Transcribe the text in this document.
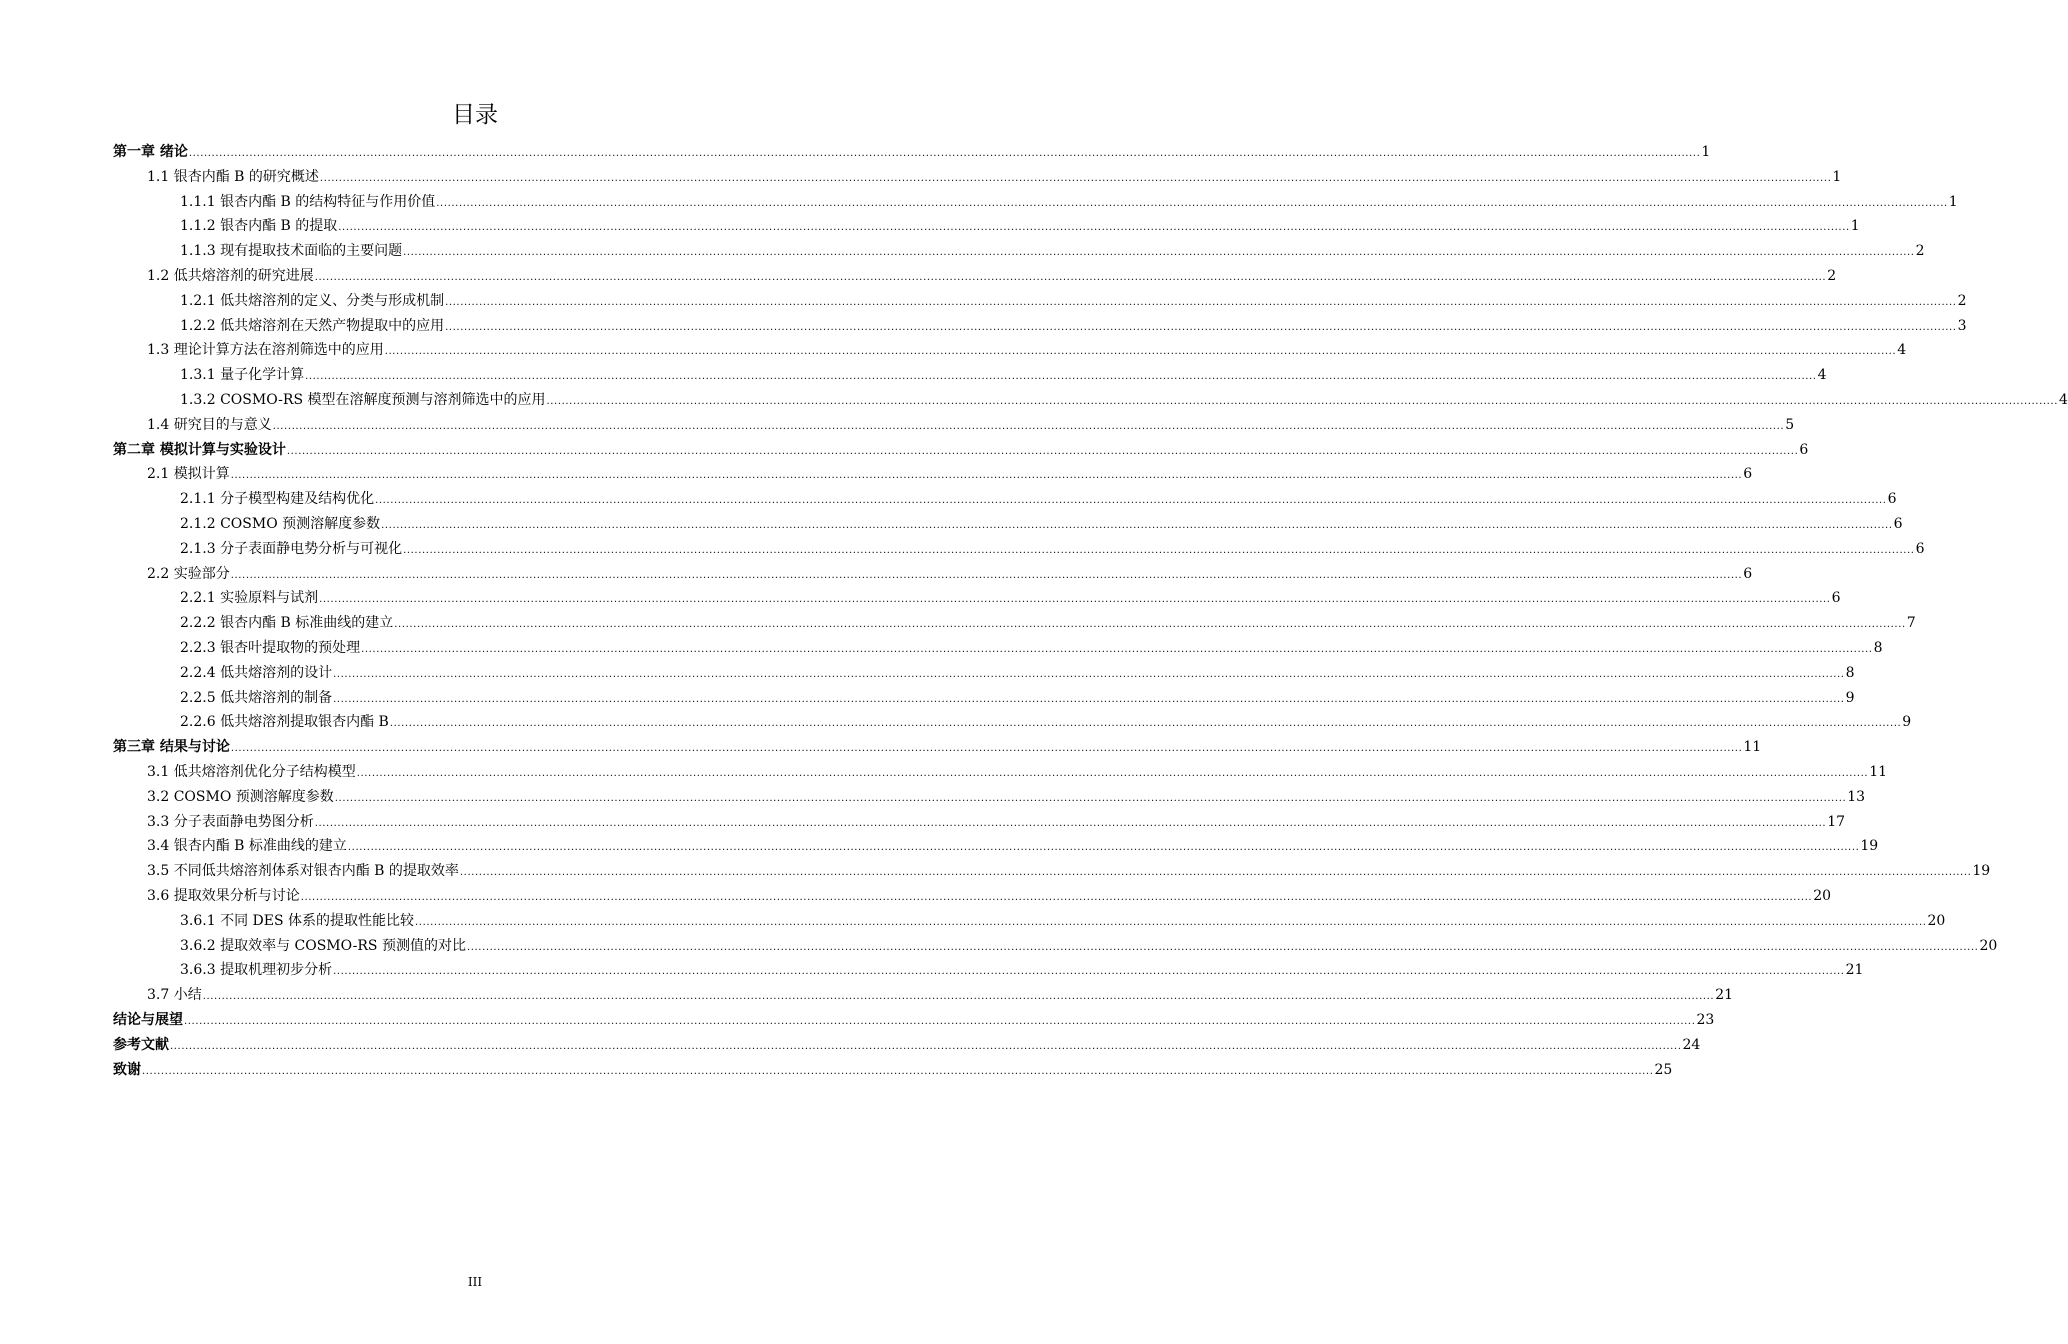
目录
第一章 绪论 ................................................................................................................................................................................................................................................................................................................................................................................................................ 1
1.1 银杏内酯 B 的研究概述 ................................................................................................................................................................................................................................................................................................................................................................................................................ 1
1.1.1 银杏内酯 B 的结构特征与作用价值 ................................................................................................................................................................................................................................................................................................................................................................................................................ 1
1.1.2 银杏内酯 B 的提取 ................................................................................................................................................................................................................................................................................................................................................................................................................ 1
1.1.3 现有提取技术面临的主要问题 ................................................................................................................................................................................................................................................................................................................................................................................................................ 2
1.2 低共熔溶剂的研究进展 ................................................................................................................................................................................................................................................................................................................................................................................................................ 2
1.2.1 低共熔溶剂的定义、分类与形成机制 ................................................................................................................................................................................................................................................................................................................................................................................................................ 2
1.2.2 低共熔溶剂在天然产物提取中的应用 ................................................................................................................................................................................................................................................................................................................................................................................................................ 3
1.3 理论计算方法在溶剂筛选中的应用 ................................................................................................................................................................................................................................................................................................................................................................................................................ 4
1.3.1 量子化学计算 ................................................................................................................................................................................................................................................................................................................................................................................................................ 4
1.3.2 COSMO-RS 模型在溶解度预测与溶剂筛选中的应用 ................................................................................................................................................................................................................................................................................................................................................................................................................ 4
1.4 研究目的与意义 ................................................................................................................................................................................................................................................................................................................................................................................................................ 5
第二章 模拟计算与实验设计 ................................................................................................................................................................................................................................................................................................................................................................................................................ 6
2.1 模拟计算 ................................................................................................................................................................................................................................................................................................................................................................................................................ 6
2.1.1 分子模型构建及结构优化 ................................................................................................................................................................................................................................................................................................................................................................................................................ 6
2.1.2 COSMO 预测溶解度参数 ................................................................................................................................................................................................................................................................................................................................................................................................................ 6
2.1.3 分子表面静电势分析与可视化 ................................................................................................................................................................................................................................................................................................................................................................................................................ 6
2.2 实验部分 ................................................................................................................................................................................................................................................................................................................................................................................................................ 6
2.2.1 实验原料与试剂 ................................................................................................................................................................................................................................................................................................................................................................................................................ 6
2.2.2 银杏内酯 B 标准曲线的建立 ................................................................................................................................................................................................................................................................................................................................................................................................................ 7
2.2.3 银杏叶提取物的预处理 ................................................................................................................................................................................................................................................................................................................................................................................................................ 8
2.2.4 低共熔溶剂的设计 ................................................................................................................................................................................................................................................................................................................................................................................................................ 8
2.2.5 低共熔溶剂的制备 ................................................................................................................................................................................................................................................................................................................................................................................................................ 9
2.2.6 低共熔溶剂提取银杏内酯 B ................................................................................................................................................................................................................................................................................................................................................................................................................ 9
第三章 结果与讨论 ................................................................................................................................................................................................................................................................................................................................................................................................................ 11
3.1 低共熔溶剂优化分子结构模型 ................................................................................................................................................................................................................................................................................................................................................................................................................ 11
3.2 COSMO 预测溶解度参数 ................................................................................................................................................................................................................................................................................................................................................................................................................ 13
3.3 分子表面静电势图分析 ................................................................................................................................................................................................................................................................................................................................................................................................................ 17
3.4 银杏内酯 B 标准曲线的建立 ................................................................................................................................................................................................................................................................................................................................................................................................................ 19
3.5 不同低共熔溶剂体系对银杏内酯 B 的提取效率 ................................................................................................................................................................................................................................................................................................................................................................................................................ 19
3.6 提取效果分析与讨论 ................................................................................................................................................................................................................................................................................................................................................................................................................ 20
3.6.1 不同 DES 体系的提取性能比较 ................................................................................................................................................................................................................................................................................................................................................................................................................ 20
3.6.2 提取效率与 COSMO-RS 预测值的对比 ................................................................................................................................................................................................................................................................................................................................................................................................................ 20
3.6.3 提取机理初步分析 ................................................................................................................................................................................................................................................................................................................................................................................................................ 21
3.7 小结 ................................................................................................................................................................................................................................................................................................................................................................................................................ 21
结论与展望 ................................................................................................................................................................................................................................................................................................................................................................................................................ 23
参考文献 ................................................................................................................................................................................................................................................................................................................................................................................................................ 24
致谢 ................................................................................................................................................................................................................................................................................................................................................................................................................ 25
III
